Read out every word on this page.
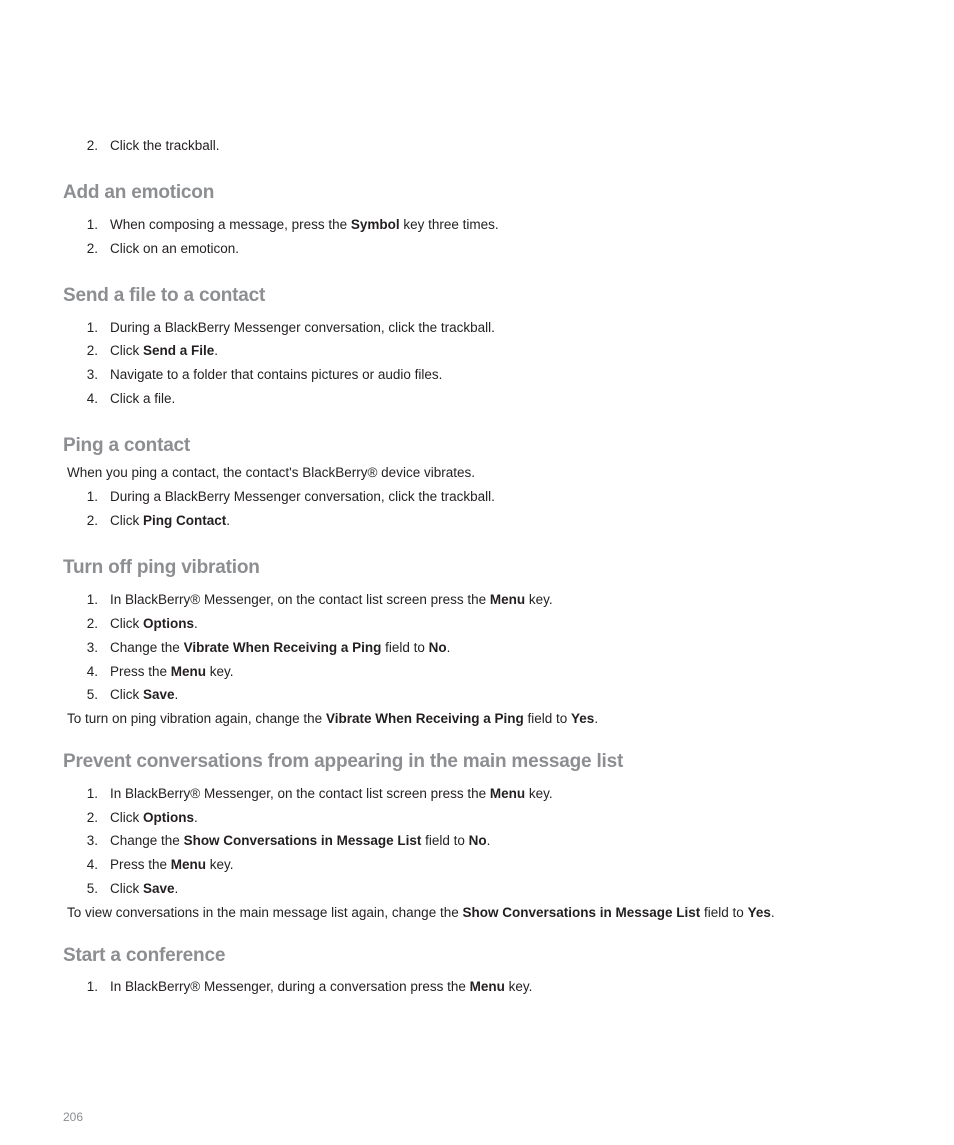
2. Click the trackball.
Add an emoticon
1. When composing a message, press the Symbol key three times.
2. Click on an emoticon.
Send a file to a contact
1. During a BlackBerry Messenger conversation, click the trackball.
2. Click Send a File.
3. Navigate to a folder that contains pictures or audio files.
4. Click a file.
Ping a contact
When you ping a contact, the contact's BlackBerry® device vibrates.
1. During a BlackBerry Messenger conversation, click the trackball.
2. Click Ping Contact.
Turn off ping vibration
1. In BlackBerry® Messenger, on the contact list screen press the Menu key.
2. Click Options.
3. Change the Vibrate When Receiving a Ping field to No.
4. Press the Menu key.
5. Click Save.
To turn on ping vibration again, change the Vibrate When Receiving a Ping field to Yes.
Prevent conversations from appearing in the main message list
1. In BlackBerry® Messenger, on the contact list screen press the Menu key.
2. Click Options.
3. Change the Show Conversations in Message List field to No.
4. Press the Menu key.
5. Click Save.
To view conversations in the main message list again, change the Show Conversations in Message List field to Yes.
Start a conference
1. In BlackBerry® Messenger, during a conversation press the Menu key.
206
